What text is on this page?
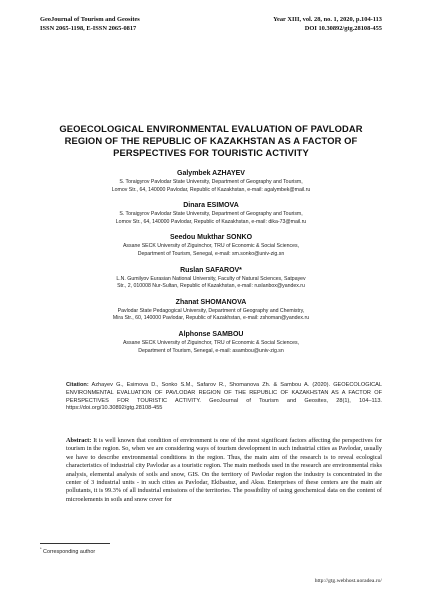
GeoJournal of Tourism and Geosites
ISSN 2065-1198, E-ISSN 2065-0817
Year XIII, vol. 28, no. 1, 2020, p.104-113
DOI 10.30892/gtg.28108-455
GEOECOLOGICAL ENVIRONMENTAL EVALUATION OF PAVLODAR REGION OF THE REPUBLIC OF KAZAKHSTAN AS A FACTOR OF PERSPECTIVES FOR TOURISTIC ACTIVITY
Galymbek AZHAYEV
S. Toraigyrov Pavlodar State University, Department of Geography and Tourism,
Lomov Str., 64, 140000 Pavlodar, Republic of Kazakhstan, e-mail: agalymbek@mail.ru
Dinara ESIMOVA
S. Toraigyrov Pavlodar State University, Department of Geography and Tourism,
Lomov Str., 64, 140000 Pavlodar, Republic of Kazakhstan, e-mail: dika-73@mail.ru
Seedou Mukthar SONKO
Assane SECK University of Ziguinchor, TRU of Economic & Social Sciences,
Department of Tourism, Senegal, e-mail: sm.sonko@univ-zig.sn
Ruslan SAFAROV*
L.N. Gumilyov Eurasian National University, Faculty of Natural Sciences, Satpayev
Str., 2, 010008 Nur-Sultan, Republic of Kazakhstan, e-mail: ruslanbox@yandex.ru
Zhanat SHOMANOVA
Pavlodar State Pedagogical University, Department of Geography and Chemistry,
Mira Str., 60, 140000 Pavlodar, Republic of Kazakhstan, e-mail: zshoman@yandex.ru
Alphonse SAMBOU
Assane SECK University of Ziguinchor, TRU of Economic & Social Sciences,
Department of Tourism, Senegal, e-mail: asambou@univ-zig.sn
Citation: Azhayev G., Esimova D., Sonko S.M., Safarov R., Shomanova Zh. & Sambou A. (2020). GEOECOLOGICAL ENVIRONMENTAL EVALUATION OF PAVLODAR REGION OF THE REPUBLIC OF KAZAKHSTAN AS A FACTOR OF PERSPECTIVES FOR TOURISTIC ACTIVITY. GeoJournal of Tourism and Geosites, 28(1), 104–113. https://doi.org/10.30892/gtg.28108-455
Abstract: It is well known that condition of environment is one of the most significant factors affecting the perspectives for tourism in the region. So, when we are considering ways of tourism development in such industrial cities as Pavlodar, usually we have to describe environmental conditions in the region. Thus, the main aim of the research is to reveal ecological characteristics of industrial city Pavlodar as a touristic region. The main methods used in the research are environmental risks analysis, elemental analysis of soils and snow, GIS. On the territory of Pavlodar region the industry is concentrated in the center of 3 industrial units - in such cities as Pavlodar, Ekibastuz, and Aksu. Enterprises of these centers are the main air pollutants, it is 99.3% of all industrial emissions of the territories. The possibility of using geochemical data on the content of microelements in soils and snow cover for
* Corresponding author
http://gtg.webhost.uoradea.ro/
